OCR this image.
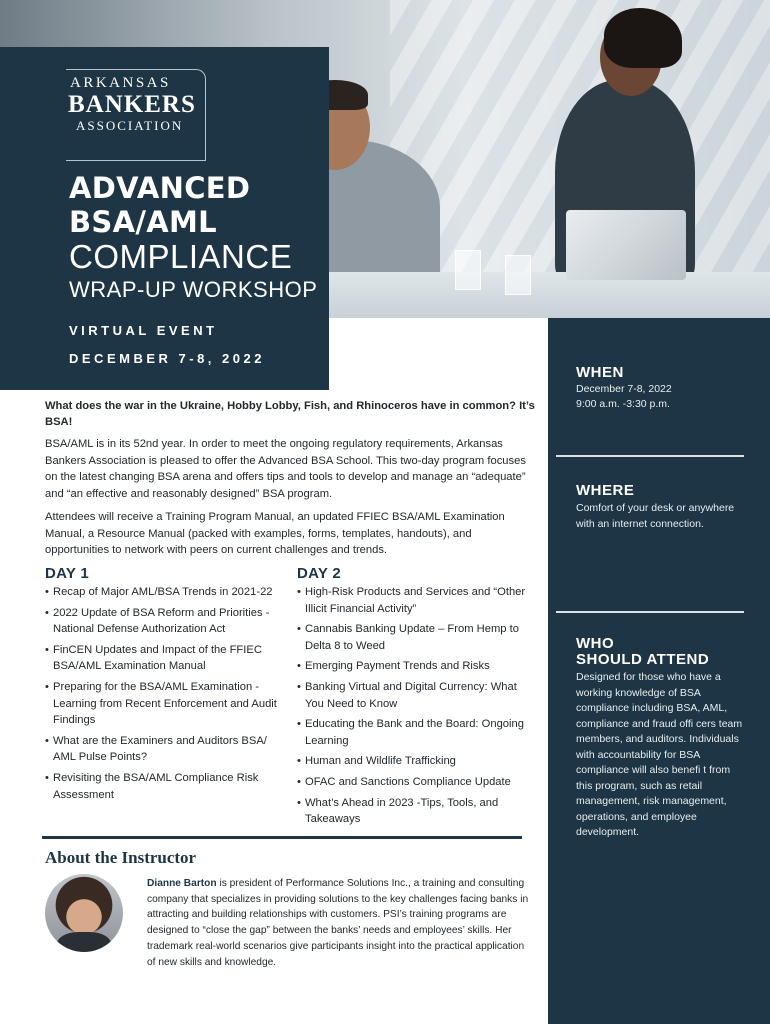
ARKANSAS
BANKERS
ASSOCIATION
ADVANCED
BSA/AML
COMPLIANCE
WRAP-UP WORKSHOP
VIRTUAL EVENT
DECEMBER 7-8, 2022
WHEN
December 7-8, 2022
9:00 a.m. -3:30 p.m.
WHERE
Comfort of your desk or anywhere with an internet connection.
WHO
SHOULD ATTEND
Designed for those who have a working knowledge of BSA compliance including BSA, AML, compliance and fraud offi cers team members, and auditors. Individuals with accountability for BSA compliance will also benefi t from this program, such as retail management, risk management, operations, and employee development.
What does the war in the Ukraine, Hobby Lobby, Fish, and Rhinoceros have in common? It’s BSA!
BSA/AML is in its 52nd year. In order to meet the ongoing regulatory requirements, Arkansas Bankers Association is pleased to offer the Advanced BSA School. This two-day program focuses on the latest changing BSA arena and offers tips and tools to develop and manage an “adequate” and “an effective and reasonably designed” BSA program.
Attendees will receive a Training Program Manual, an updated FFIEC BSA/AML Examination Manual, a Resource Manual (packed with examples, forms, templates, handouts), and opportunities to network with peers on current challenges and trends.
DAY 1
• Recap of Major AML/BSA Trends in 2021-22
• 2022 Update of BSA Reform and Priorities - National Defense Authorization Act
• FinCEN Updates and Impact of the FFIEC BSA/AML Examination Manual
• Preparing for the BSA/AML Examination - Learning from Recent Enforcement and Audit Findings
• What are the Examiners and Auditors BSA/ AML Pulse Points?
• Revisiting the BSA/AML Compliance Risk Assessment
DAY 2
• High-Risk Products and Services and “Other Illicit Financial Activity”
• Cannabis Banking Update – From Hemp to Delta 8 to Weed
• Emerging Payment Trends and Risks
• Banking Virtual and Digital Currency: What You Need to Know
• Educating the Bank and the Board: Ongoing Learning
• Human and Wildlife Trafficking
• OFAC and Sanctions Compliance Update
• What’s Ahead in 2023 -Tips, Tools, and Takeaways
About the Instructor
Dianne Barton is president of Performance Solutions Inc., a training and consulting company that specializes in providing solutions to the key challenges facing banks in attracting and building relationships with customers. PSI’s training programs are designed to “close the gap” between the banks’ needs and employees’ skills. Her trademark real-world scenarios give participants insight into the practical application of new skills and knowledge.
